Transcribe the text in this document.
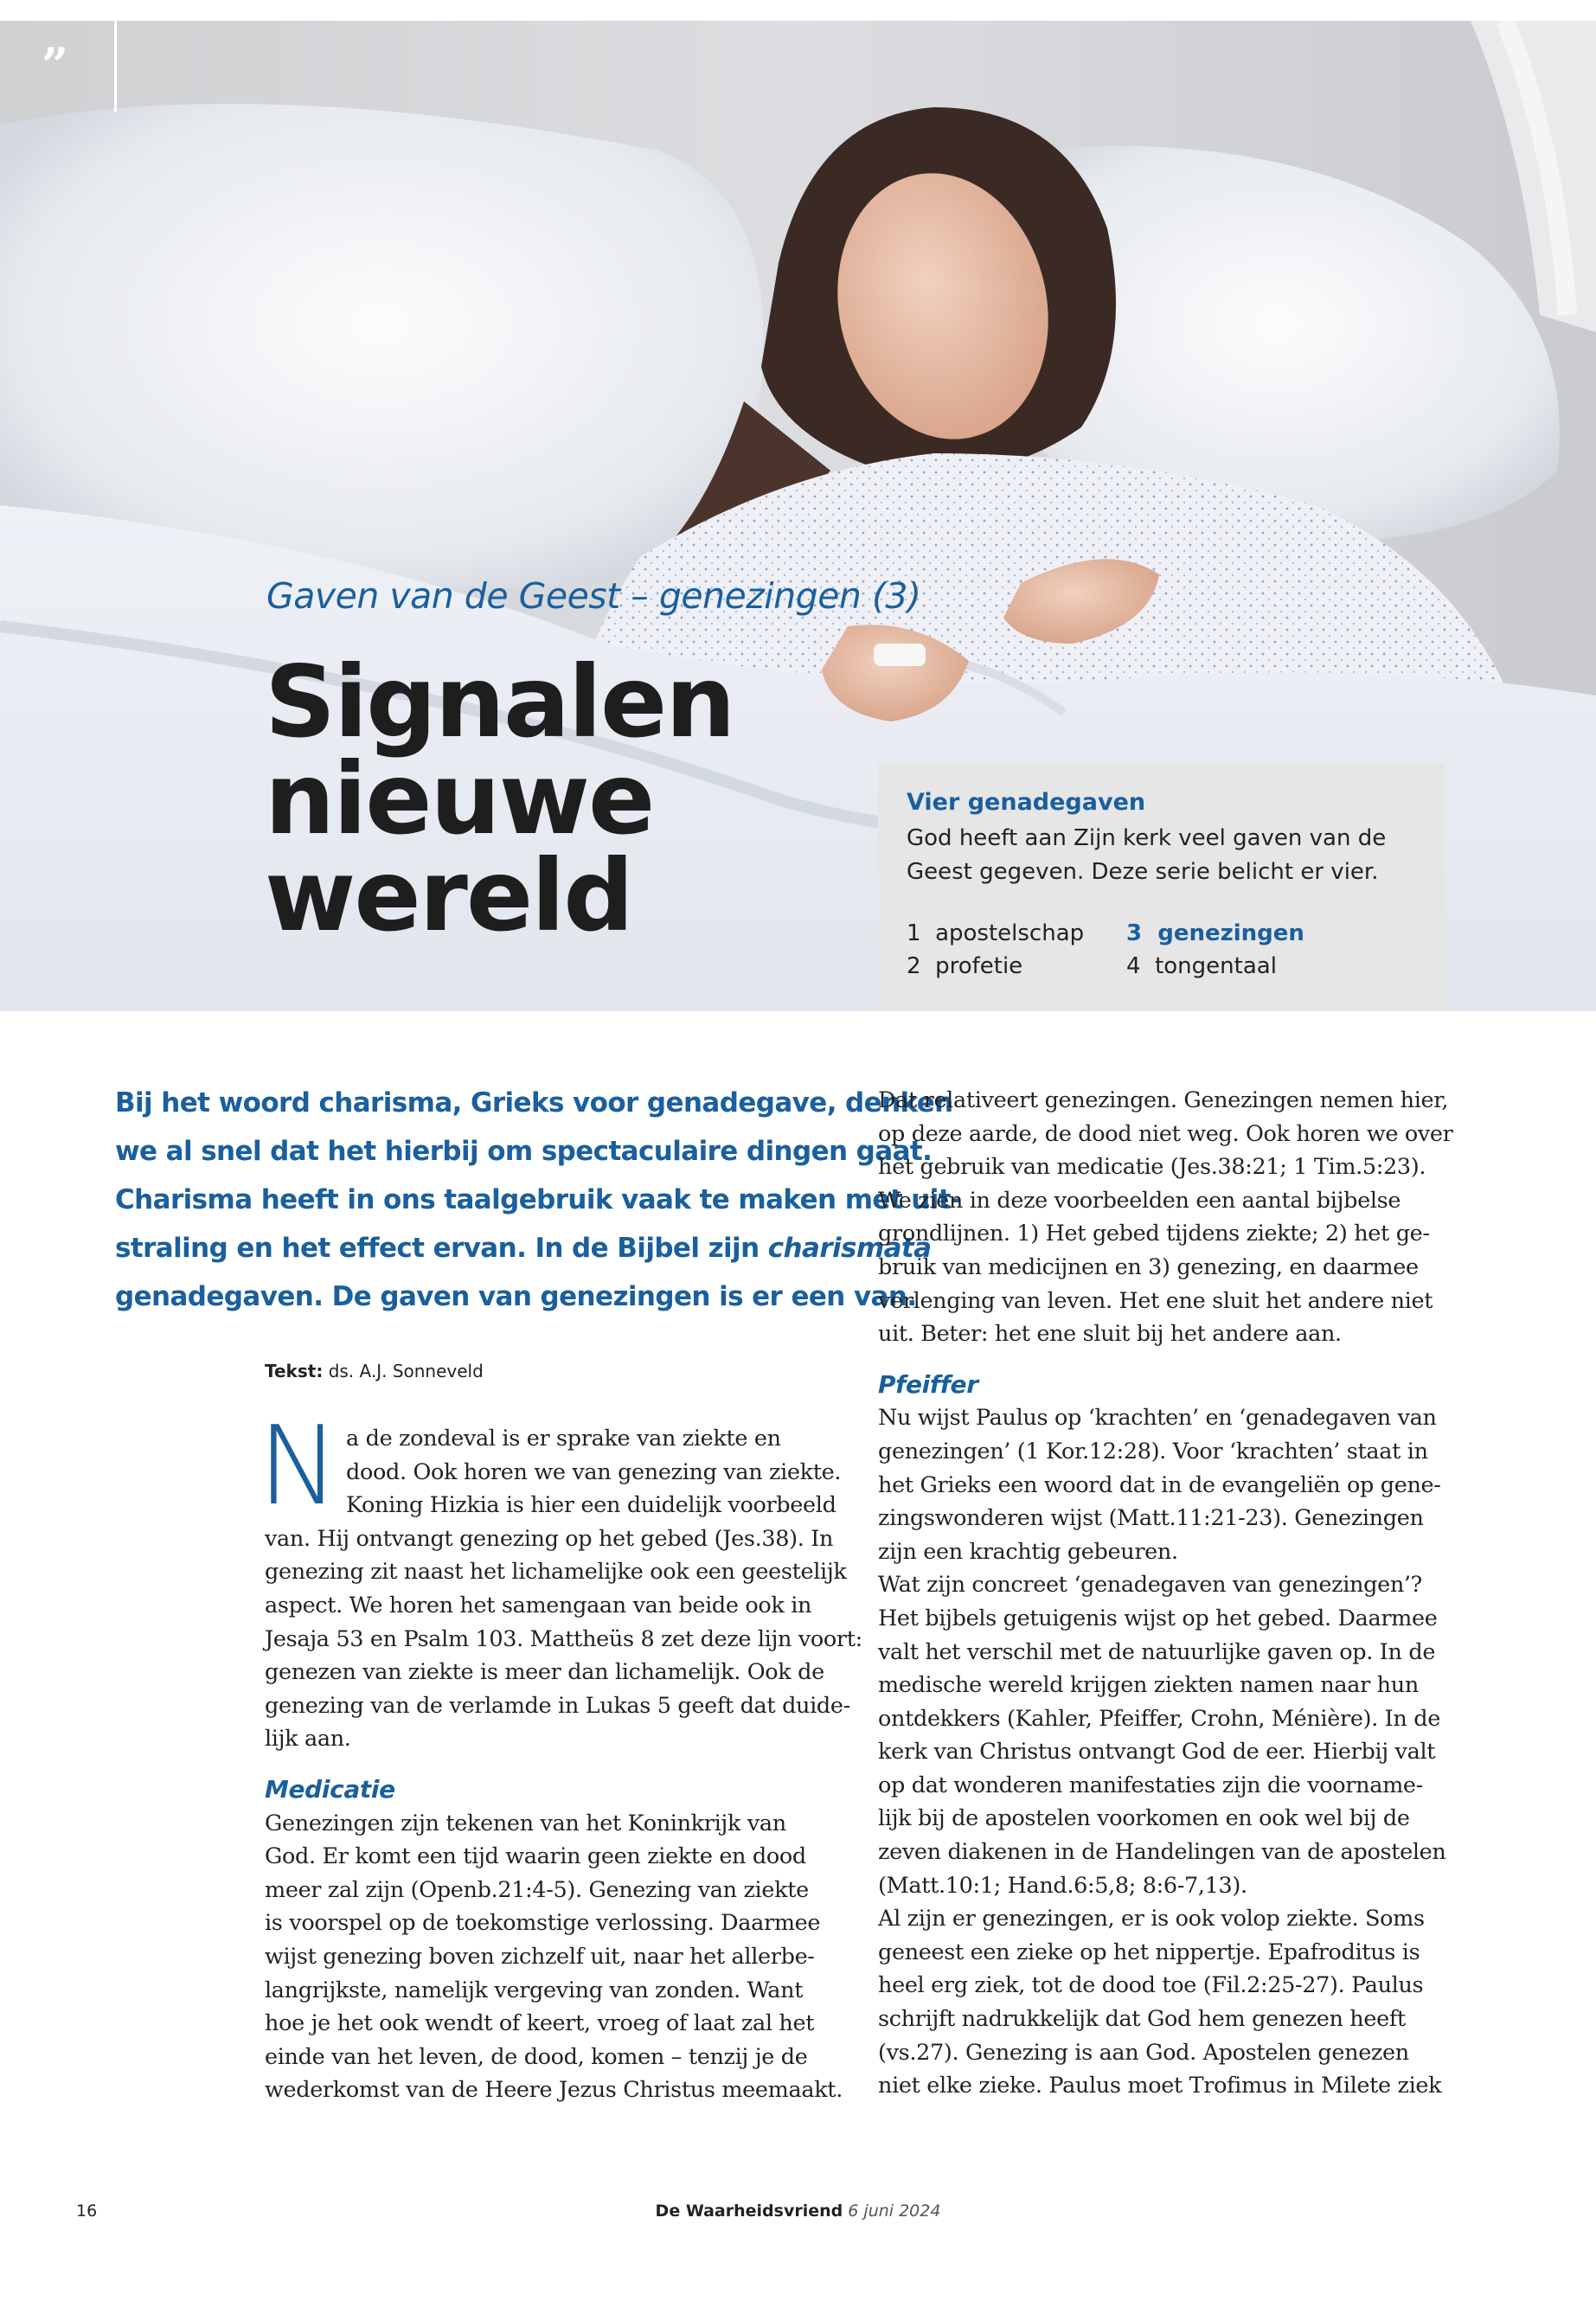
”
Gaven van de Geest – genezingen (3)
Signalen
nieuwe
wereld
Vier genadegaven
God heeft aan Zijn kerk veel gaven van de Geest gegeven. Deze serie belicht er vier.
1 apostelschap
2 profetie
3 genezingen
4 tongentaal
Bij het woord charisma, Grieks voor genadegave, denken
we al snel dat het hierbij om spectaculaire dingen gaat.
Charisma heeft in ons taalgebruik vaak te maken met uit-
straling en het effect ervan. In de Bijbel zijn charismata
genadegaven. De gaven van genezingen is er een van.
Tekst: ds. A.J. Sonneveld
N a de zondeval is er sprake van ziekte en
dood. Ook horen we van genezing van ziekte.
Koning Hizkia is hier een duidelijk voorbeeld
van. Hij ontvangt genezing op het gebed (Jes.38). In
genezing zit naast het lichamelijke ook een geestelijk
aspect. We horen het samengaan van beide ook in
Jesaja 53 en Psalm 103. Mattheüs 8 zet deze lijn voort:
genezen van ziekte is meer dan lichamelijk. Ook de
genezing van de verlamde in Lukas 5 geeft dat duide-
lijk aan.
Medicatie
Genezingen zijn tekenen van het Koninkrijk van
God. Er komt een tijd waarin geen ziekte en dood
meer zal zijn (Openb.21:4-5). Genezing van ziekte
is voorspel op de toekomstige verlossing. Daarmee
wijst genezing boven zichzelf uit, naar het allerbe-
langrijkste, namelijk vergeving van zonden. Want
hoe je het ook wendt of keert, vroeg of laat zal het
einde van het leven, de dood, komen – tenzij je de
wederkomst van de Heere Jezus Christus meemaakt.
Dat relativeert genezingen. Genezingen nemen hier,
op deze aarde, de dood niet weg. Ook horen we over
het gebruik van medicatie (Jes.38:21; 1 Tim.5:23).
We zien in deze voorbeelden een aantal bijbelse
grondlijnen. 1) Het gebed tijdens ziekte; 2) het ge-
bruik van medicijnen en 3) genezing, en daarmee
verlenging van leven. Het ene sluit het andere niet
uit. Beter: het ene sluit bij het andere aan.
Pfeiffer
Nu wijst Paulus op ‘krachten’ en ‘genadegaven van
genezingen’ (1 Kor.12:28). Voor ‘krachten’ staat in
het Grieks een woord dat in de evangeliën op gene-
zingswonderen wijst (Matt.11:21-23). Genezingen
zijn een krachtig gebeuren.
Wat zijn concreet ‘genadegaven van genezingen’?
Het bijbels getuigenis wijst op het gebed. Daarmee
valt het verschil met de natuurlijke gaven op. In de
medische wereld krijgen ziekten namen naar hun
ontdekkers (Kahler, Pfeiffer, Crohn, Ménière). In de
kerk van Christus ontvangt God de eer. Hierbij valt
op dat wonderen manifestaties zijn die voorname-
lijk bij de apostelen voorkomen en ook wel bij de
zeven diakenen in de Handelingen van de apostelen
(Matt.10:1; Hand.6:5,8; 8:6-7,13).
Al zijn er genezingen, er is ook volop ziekte. Soms
geneest een zieke op het nippertje. Epafroditus is
heel erg ziek, tot de dood toe (Fil.2:25-27). Paulus
schrijft nadrukkelijk dat God hem genezen heeft
(vs.27). Genezing is aan God. Apostelen genezen
niet elke zieke. Paulus moet Trofimus in Milete ziek
16	De Waarheidsvriend 6 juni 2024
